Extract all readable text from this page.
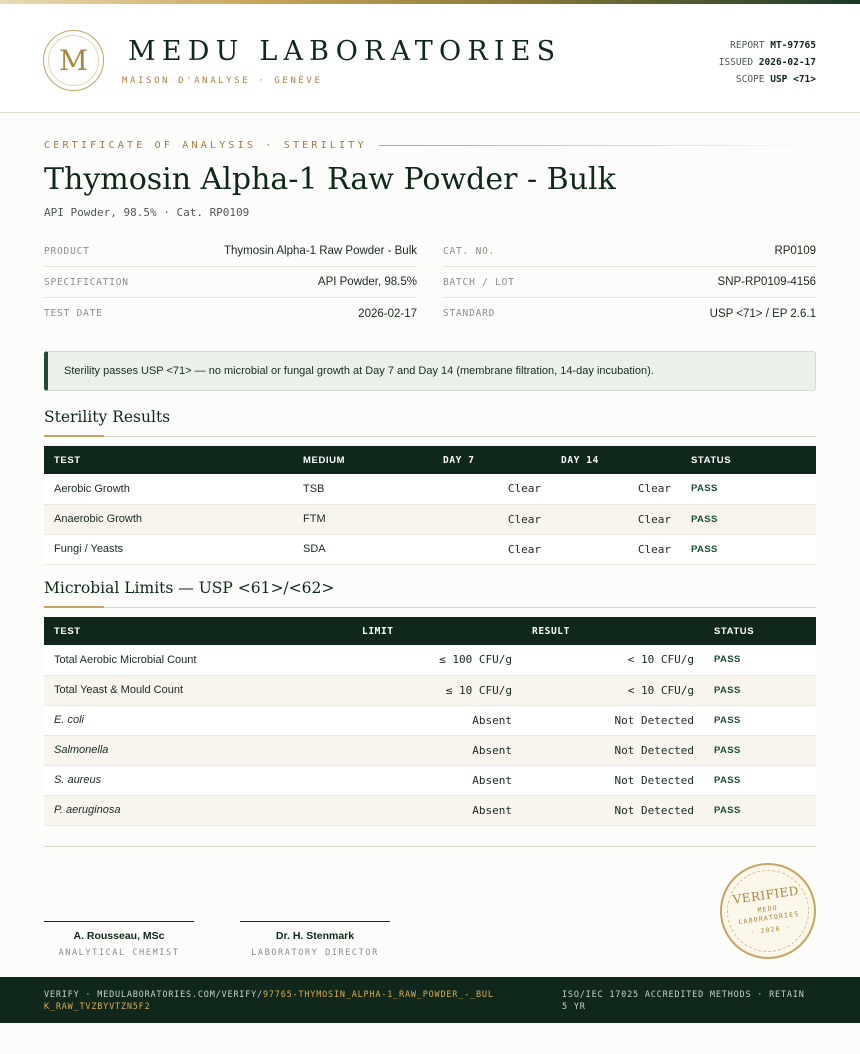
M	MEDU LABORATORIES
MAISON D'ANALYSE · GENÈVE
REPORT MT-97765
ISSUED 2026-02-17
SCOPE USP <71>
CERTIFICATE OF ANALYSIS · STERILITY
Thymosin Alpha-1 Raw Powder - Bulk
API Powder, 98.5% · Cat. RP0109
PRODUCT	Thymosin Alpha-1 Raw Powder - Bulk
SPECIFICATION	API Powder, 98.5%
TEST DATE	2026-02-17
CAT. NO.	RP0109
BATCH / LOT	SNP-RP0109-4156
STANDARD	USP <71> / EP 2.6.1
Sterility passes USP <71> — no microbial or fungal growth at Day 7 and Day 14 (membrane filtration, 14-day incubation).
Sterility Results
TEST	MEDIUM	DAY 7	DAY 14	STATUS
Aerobic Growth	TSB	Clear	Clear	PASS
Anaerobic Growth	FTM	Clear	Clear	PASS
Fungi / Yeasts	SDA	Clear	Clear	PASS
Microbial Limits — USP <61>/<62>
TEST	LIMIT	RESULT	STATUS
Total Aerobic Microbial Count	≤ 100 CFU/g	< 10 CFU/g	PASS
Total Yeast & Mould Count	≤ 10 CFU/g	< 10 CFU/g	PASS
E. coli	Absent	Not Detected	PASS
Salmonella	Absent	Not Detected	PASS
S. aureus	Absent	Not Detected	PASS
P. aeruginosa	Absent	Not Detected	PASS
A. Rousseau, MSc
ANALYTICAL CHEMIST
Dr. H. Stenmark
LABORATORY DIRECTOR
VERIFIED
MEDU LABORATORIES
· 2026 ·
VERIFY · MEDULABORATORIES.COM/VERIFY/97765-THYMOSIN_ALPHA-1_RAW_POWDER_-_BULK_RAW_TVZBYVTZN5F2
ISO/IEC 17025 ACCREDITED METHODS · RETAIN 5 YR
